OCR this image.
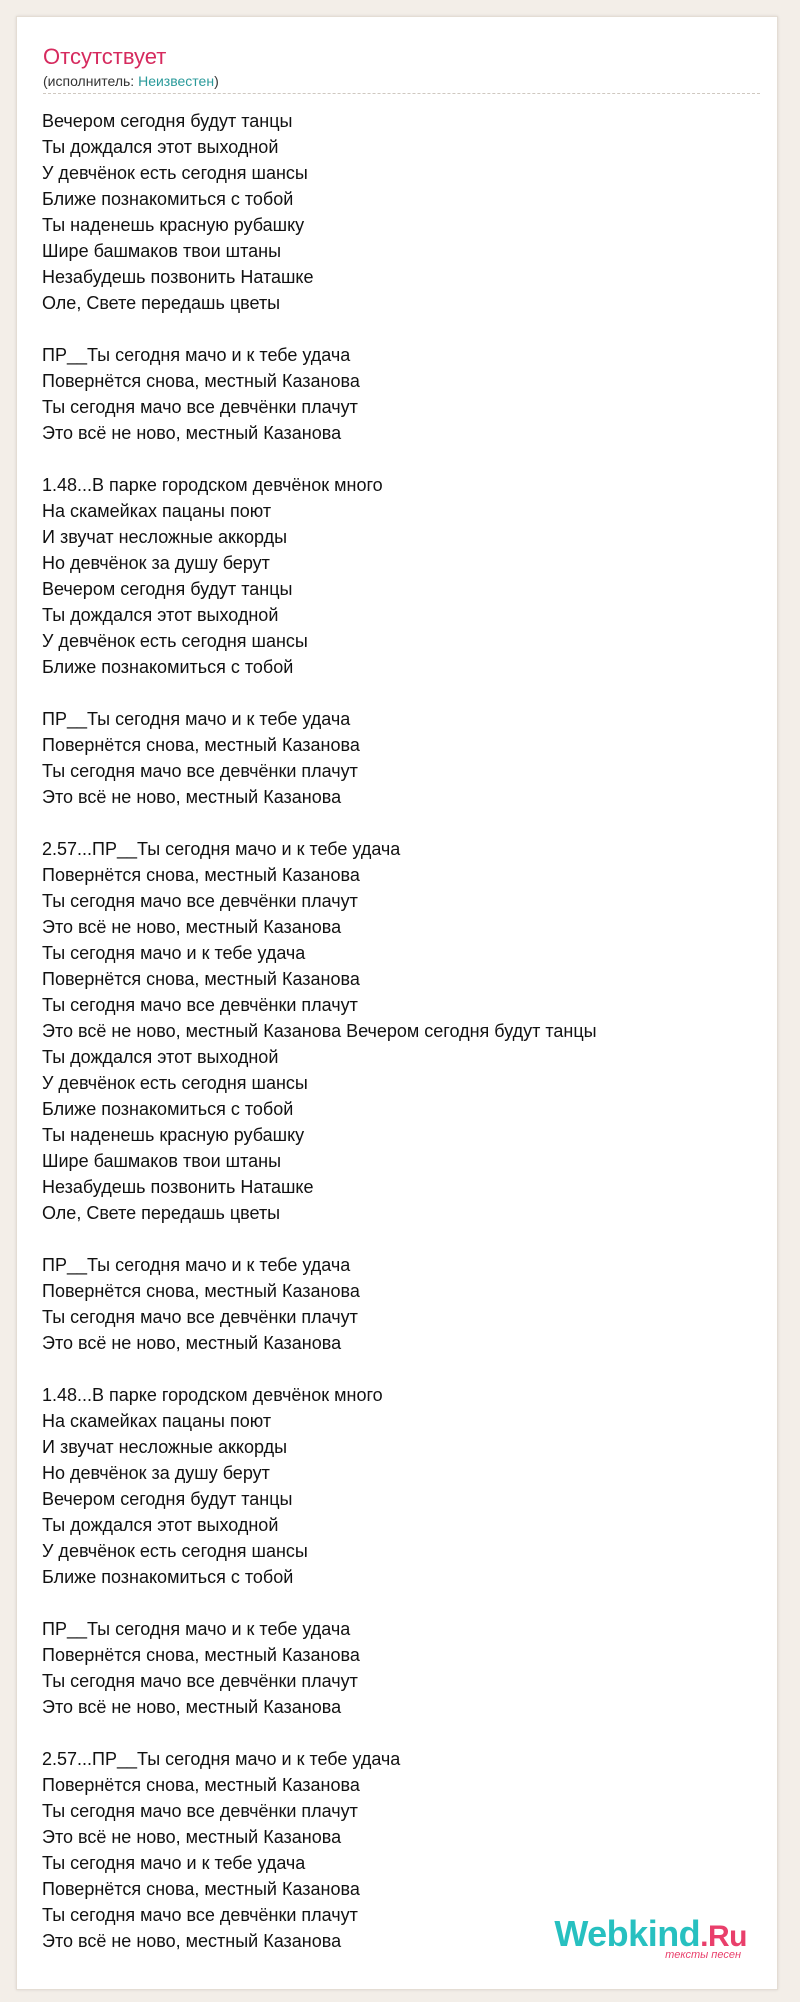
Отсутствует
(исполнитель: Неизвестен)
Вечером сегодня будут танцы
Ты дождался этот выходной
У девчёнок есть сегодня шансы
Ближе познакомиться с тобой
Ты наденешь красную рубашку
Шире башмаков твои штаны
Незабудешь позвонить Наташке
Оле, Свете передашь цветы

ПР__Ты сегодня мачо и к тебе удача
Повернётся снова, местный Казанова
Ты сегодня мачо все девчёнки плачут
Это всё не ново, местный Казанова

1.48...В парке городском девчёнок много
На скамейках пацаны поют
И звучат несложные аккорды
Но девчёнок за душу берут
Вечером сегодня будут танцы
Ты дождался этот выходной
У девчёнок есть сегодня шансы
Ближе познакомиться с тобой

ПР__Ты сегодня мачо и к тебе удача
Повернётся снова, местный Казанова
Ты сегодня мачо все девчёнки плачут
Это всё не ново, местный Казанова

2.57...ПР__Ты сегодня мачо и к тебе удача
Повернётся снова, местный Казанова
Ты сегодня мачо все девчёнки плачут
Это всё не ново, местный Казанова
Ты сегодня мачо и к тебе удача
Повернётся снова, местный Казанова
Ты сегодня мачо все девчёнки плачут
Это всё не ново, местный Казанова Вечером сегодня будут танцы
Ты дождался этот выходной
У девчёнок есть сегодня шансы
Ближе познакомиться с тобой
Ты наденешь красную рубашку
Шире башмаков твои штаны
Незабудешь позвонить Наташке
Оле, Свете передашь цветы

ПР__Ты сегодня мачо и к тебе удача
Повернётся снова, местный Казанова
Ты сегодня мачо все девчёнки плачут
Это всё не ново, местный Казанова

1.48...В парке городском девчёнок много
На скамейках пацаны поют
И звучат несложные аккорды
Но девчёнок за душу берут
Вечером сегодня будут танцы
Ты дождался этот выходной
У девчёнок есть сегодня шансы
Ближе познакомиться с тобой

ПР__Ты сегодня мачо и к тебе удача
Повернётся снова, местный Казанова
Ты сегодня мачо все девчёнки плачут
Это всё не ново, местный Казанова

2.57...ПР__Ты сегодня мачо и к тебе удача
Повернётся снова, местный Казанова
Ты сегодня мачо все девчёнки плачут
Это всё не ново, местный Казанова
Ты сегодня мачо и к тебе удача
Повернётся снова, местный Казанова
Ты сегодня мачо все девчёнки плачут
Это всё не ново, местный Казанова	Webkind.Ru
тексты песен
